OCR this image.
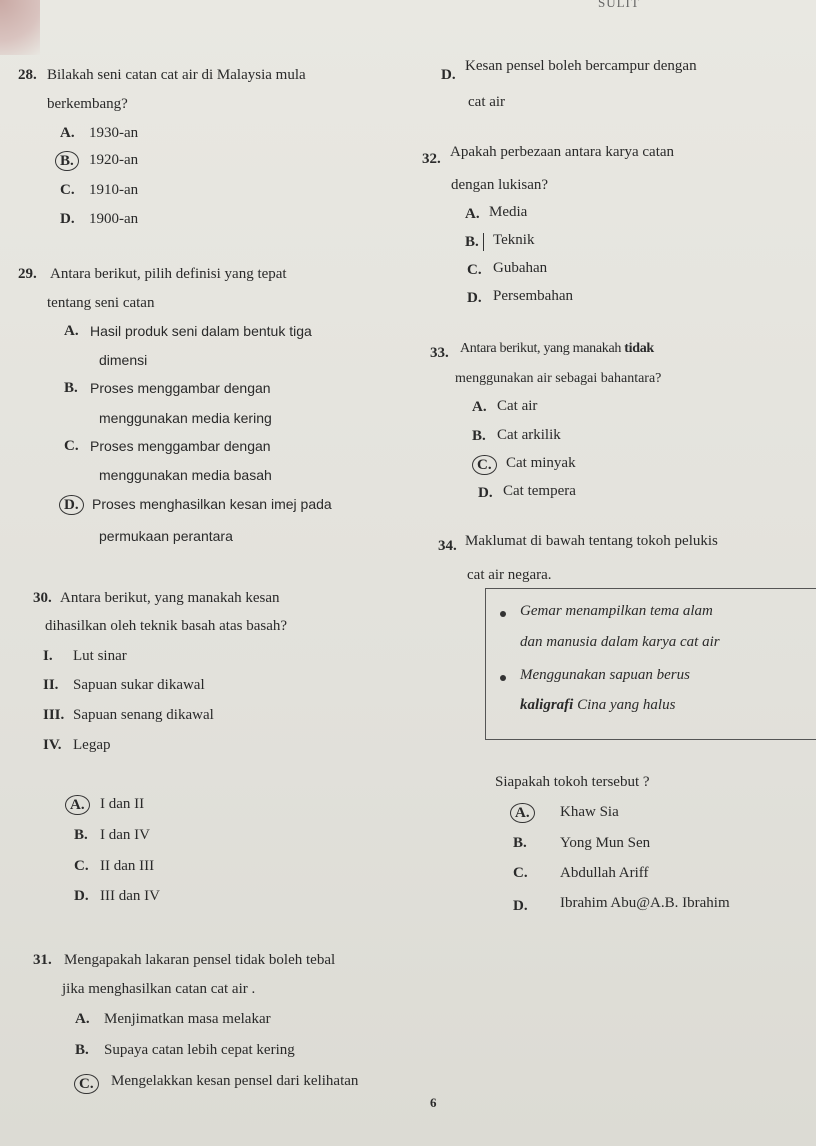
SULIT
28. Bilakah seni catan cat air di Malaysia mula
berkembang?
A. 1930-an
B.	1920-an
C. 1910-an
D. 1900-an
D.
Kesan pensel boleh bercampur dengan
cat air
29. Antara berikut, pilih definisi yang tepat
tentang seni catan
A. Hasil produk seni dalam bentuk tiga
dimensi
B. Proses menggambar dengan
menggunakan media kering
C. Proses menggambar dengan
menggunakan media basah
D. Proses menghasilkan kesan imej pada
permukaan perantara
30. Antara berikut, yang manakah kesan
dihasilkan oleh teknik basah atas basah?
I. Lut sinar
II. Sapuan sukar dikawal
III. Sapuan senang dikawal
IV. Legap
A.	I dan II
B. I dan IV
C. II dan III
D. III dan IV
31. Mengapakah lakaran pensel tidak boleh tebal
jika menghasilkan catan cat air .
A. Menjimatkan masa melakar
B. Supaya catan lebih cepat kering
C.	Mengelakkan kesan pensel dari kelihatan
32. Apakah perbezaan antara karya catan
dengan lukisan?
A. Media
B. Teknik
C. Gubahan
D. Persembahan
33. Antara berikut, yang manakah tidak
menggunakan air sebagai bahantara?
A. Cat air
B. Cat arkilik
C. Cat minyak
D. Cat tempera
34. Maklumat di bawah tentang tokoh pelukis
cat air negara.
Gemar menampilkan tema alam
dan manusia dalam karya cat air
Menggunakan sapuan berus
kaligrafi Cina yang halus
Siapakah tokoh tersebut ?
A.	Khaw Sia
B. Yong Mun Sen
C. Abdullah Ariff
D. Ibrahim Abu@A.B. Ibrahim
6
